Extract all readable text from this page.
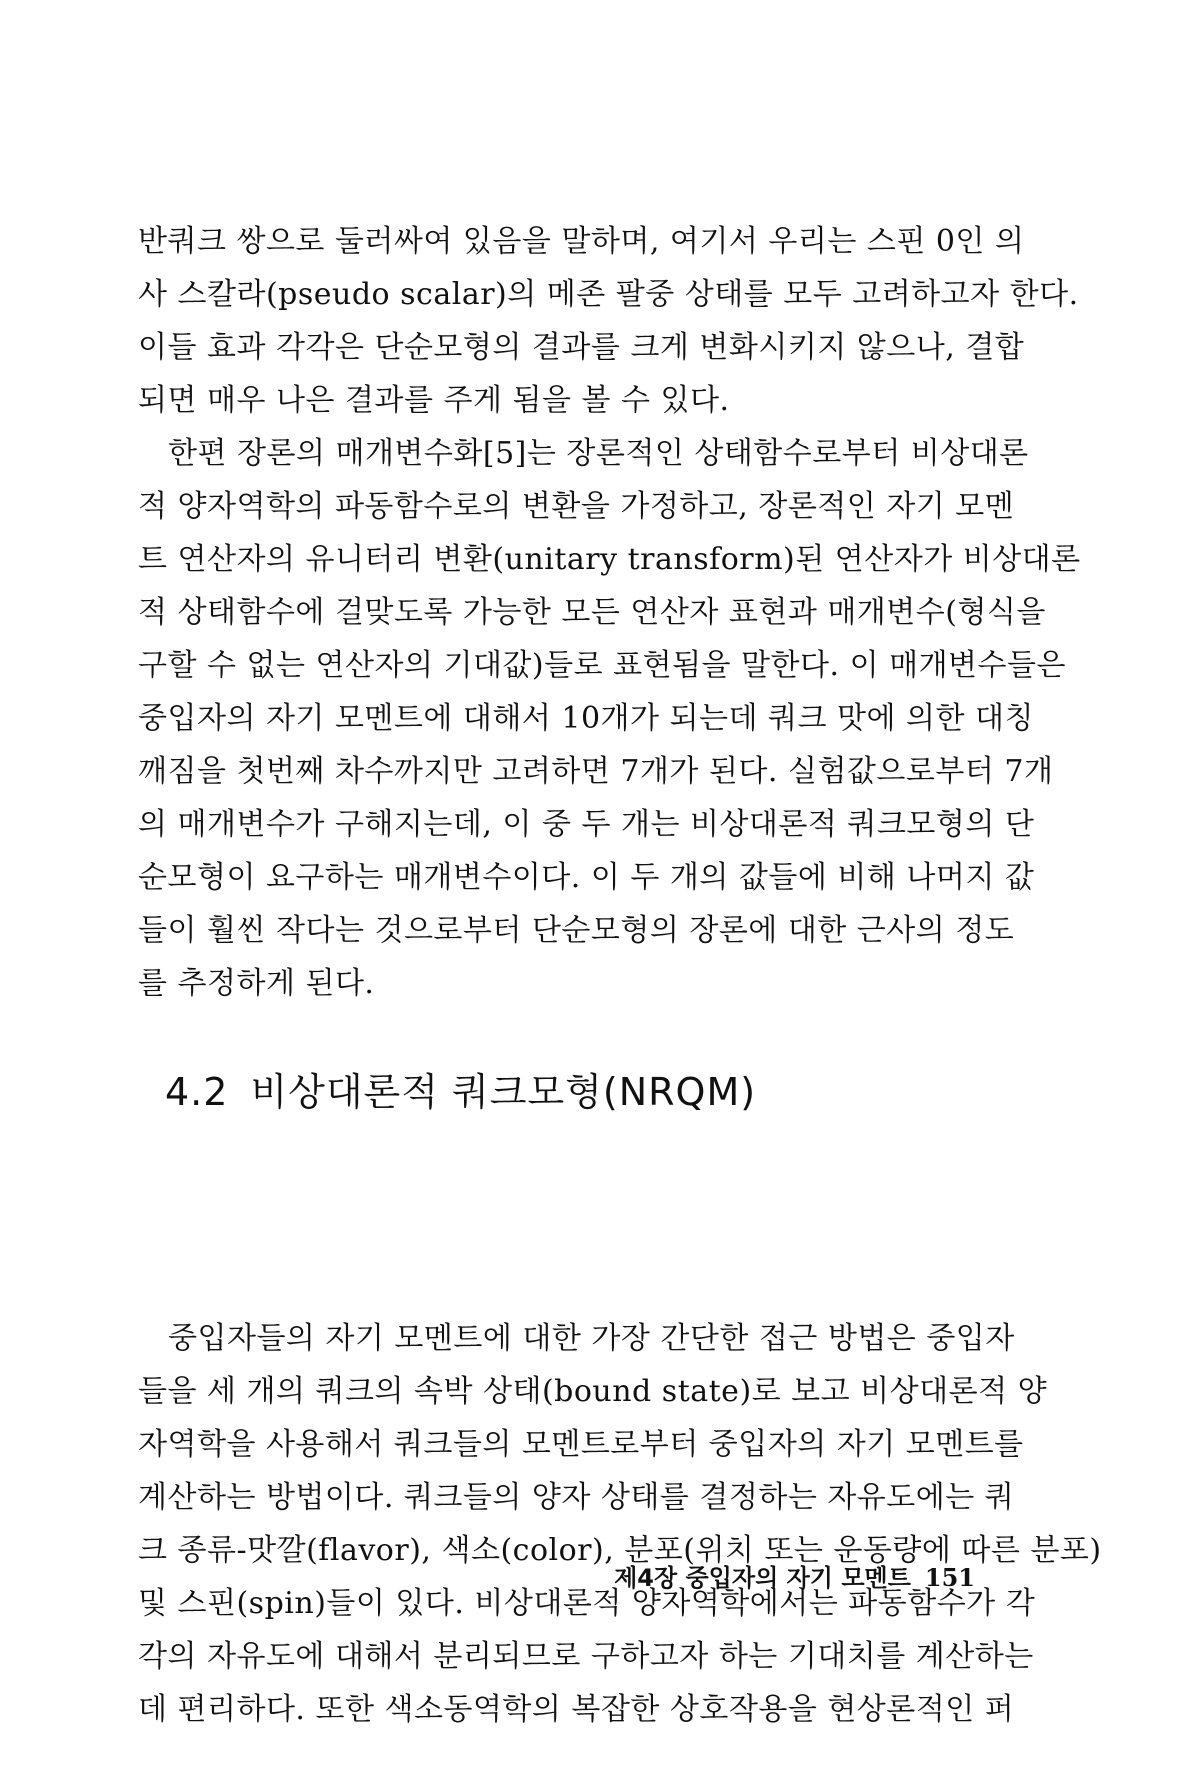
반쿼크 쌍으로 둘러싸여 있음을 말하며, 여기서 우리는 스핀 0인 의
사 스칼라(pseudo scalar)의 메존 팔중 상태를 모두 고려하고자 한다.
이들 효과 각각은 단순모형의 결과를 크게 변화시키지 않으나, 결합
되면 매우 나은 결과를 주게 됨을 볼 수 있다.
한편 장론의 매개변수화[5]는 장론적인 상태함수로부터 비상대론
적 양자역학의 파동함수로의 변환을 가정하고, 장론적인 자기 모멘
트 연산자의 유니터리 변환(unitary transform)된 연산자가 비상대론
적 상태함수에 걸맞도록 가능한 모든 연산자 표현과 매개변수(형식을
구할 수 없는 연산자의 기대값)들로 표현됨을 말한다. 이 매개변수들은
중입자의 자기 모멘트에 대해서 10개가 되는데 쿼크 맛에 의한 대칭
깨짐을 첫번째 차수까지만 고려하면 7개가 된다. 실험값으로부터 7개
의 매개변수가 구해지는데, 이 중 두 개는 비상대론적 쿼크모형의 단
순모형이 요구하는 매개변수이다. 이 두 개의 값들에 비해 나머지 값
들이 훨씬 작다는 것으로부터 단순모형의 장론에 대한 근사의 정도
를 추정하게 된다.
4.2 비상대론적 쿼크모형(NRQM)
중입자들의 자기 모멘트에 대한 가장 간단한 접근 방법은 중입자
들을 세 개의 쿼크의 속박 상태(bound state)로 보고 비상대론적 양
자역학을 사용해서 쿼크들의 모멘트로부터 중입자의 자기 모멘트를
계산하는 방법이다. 쿼크들의 양자 상태를 결정하는 자유도에는 쿼
크 종류-맛깔(flavor), 색소(color), 분포(위치 또는 운동량에 따른 분포)
및 스핀(spin)들이 있다. 비상대론적 양자역학에서는 파동함수가 각
각의 자유도에 대해서 분리되므로 구하고자 하는 기대치를 계산하는
데 편리하다. 또한 색소동역학의 복잡한 상호작용을 현상론적인 퍼
제4장 중입자의 자기 모멘트 151
